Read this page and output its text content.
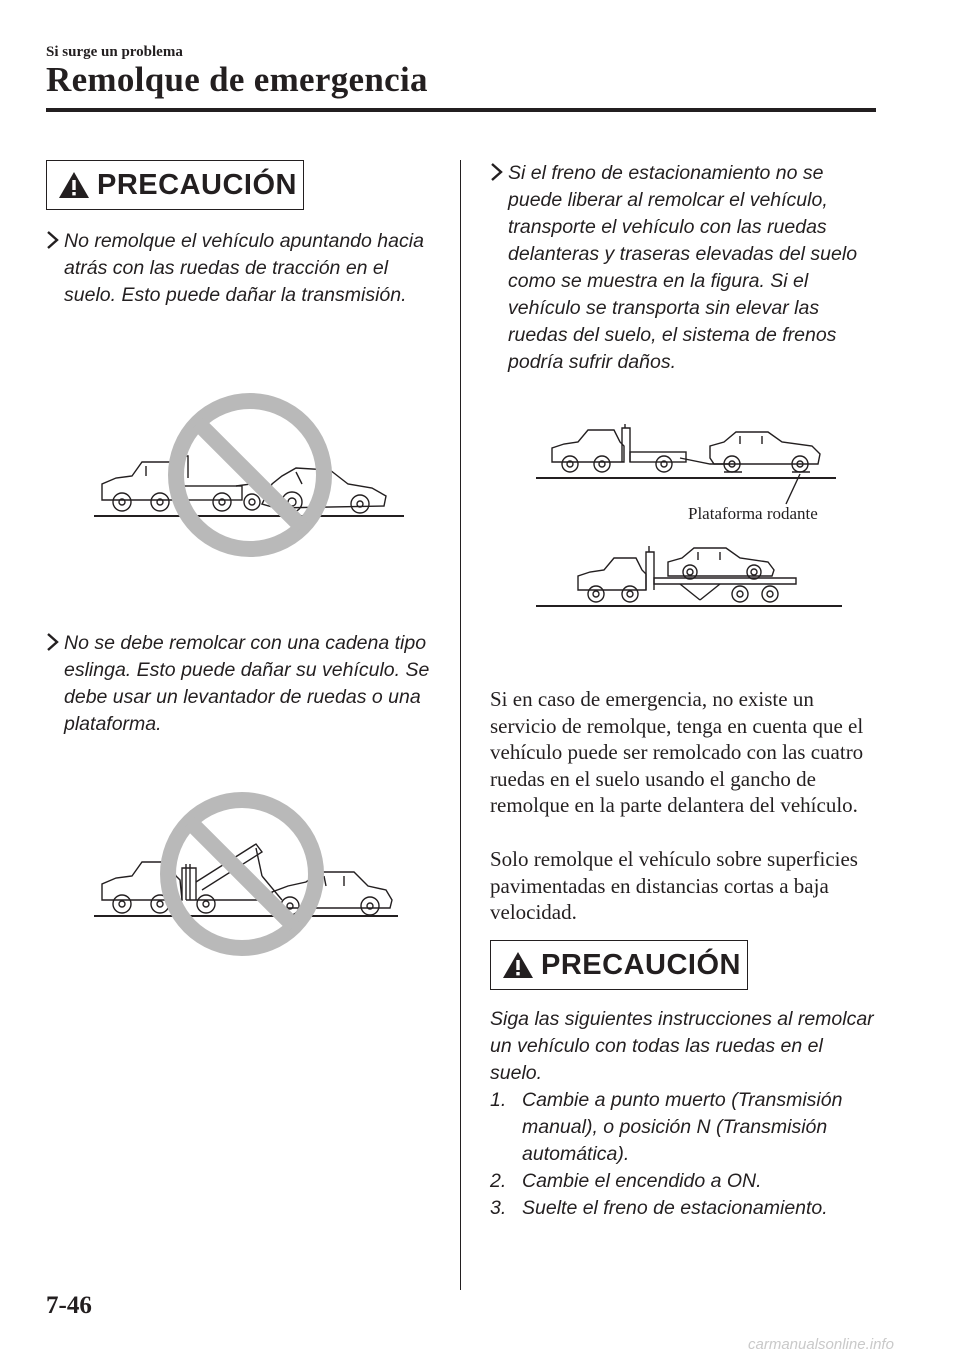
Si surge un problema
Remolque de emergencia
PRECAUCIÓN
No remolque el vehículo apuntando hacia atrás con las ruedas de tracción en el suelo. Esto puede dañar la transmisión.
No se debe remolcar con una cadena tipo eslinga. Esto puede dañar su vehículo. Se debe usar un levantador de ruedas o una plataforma.
Si el freno de estacionamiento no se puede liberar al remolcar el vehículo, transporte el vehículo con las ruedas delanteras y traseras elevadas del suelo como se muestra en la figura. Si el vehículo se transporta sin elevar las ruedas del suelo, el sistema de frenos podría sufrir daños.
Plataforma rodante
Si en caso de emergencia, no existe un servicio de remolque, tenga en cuenta que el vehículo puede ser remolcado con las cuatro ruedas en el suelo usando el gancho de remolque en la parte delantera del vehículo.
Solo remolque el vehículo sobre superficies pavimentadas en distancias cortas a baja velocidad.
PRECAUCIÓN
Siga las siguientes instrucciones al remolcar un vehículo con todas las ruedas en el suelo.
1. Cambie a punto muerto (Transmisión manual), o posición N (Transmisión automática).
2. Cambie el encendido a ON.
3. Suelte el freno de estacionamiento.
7-46
carmanualsonline.info
